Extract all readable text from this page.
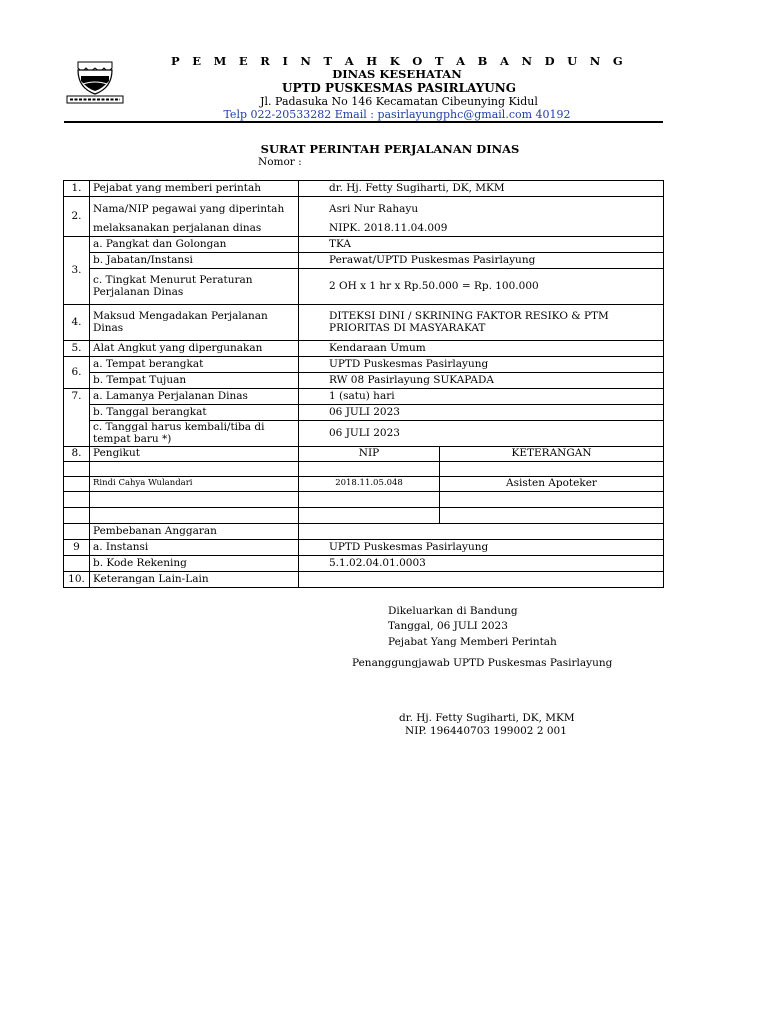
P E M E R I N T A H K O T A B A N D U N G
DINAS KESEHATAN
UPTD PUSKESMAS PASIRLAYUNG
Jl. Padasuka No 146 Kecamatan Cibeunying Kidul
Telp 022-20533282 Email : pasirlayungphc@gmail.com 40192
SURAT PERINTAH PERJALANAN DINAS
Nomor :
1.	Pejabat yang memberi perintah	dr. Hj. Fetty Sugiharti, DK, MKM	
2.	Nama/NIP pegawai yang diperintah	Asri Nur Rahayu	
	melaksanakan perjalanan dinas	NIPK. 2018.11.04.009	
3.	a. Pangkat dan Golongan	TKA	
	b. Jabatan/Instansi	Perawat/UPTD Puskesmas Pasirlayung	
	c. Tingkat Menurut Peraturan Perjalanan Dinas	2 OH x 1 hr x Rp.50.000 = Rp. 100.000	
4.	Maksud Mengadakan Perjalanan Dinas	DITEKSI DINI / SKRINING FAKTOR RESIKO & PTM PRIORITAS DI MASYARAKAT	
5.	Alat Angkut yang dipergunakan	Kendaraan Umum	
6.	a. Tempat berangkat	UPTD Puskesmas Pasirlayung	
	b. Tempat Tujuan	RW 08 Pasirlayung SUKAPADA	
7.	a. Lamanya Perjalanan Dinas	1 (satu) hari	
	b. Tanggal berangkat	06 JULI 2023	
	c. Tanggal harus kembali/tiba di tempat baru *)	06 JULI 2023	
8.	Pengikut	NIP	KETERANGAN

	Rindi Cahya Wulandari	2018.11.05.048	Asisten Apoteker

	Pembebanan Anggaran		
9	a. Instansi	UPTD Puskesmas Pasirlayung	
	b. Kode Rekening	5.1.02.04.01.0003	
10.	Keterangan Lain-Lain		
Dikeluarkan di Bandung
Tanggal, 06 JULI 2023
Pejabat Yang Memberi Perintah
Penanggungjawab UPTD Puskesmas Pasirlayung
dr. Hj. Fetty Sugiharti, DK, MKM
NIP. 196440703 199002 2 001
